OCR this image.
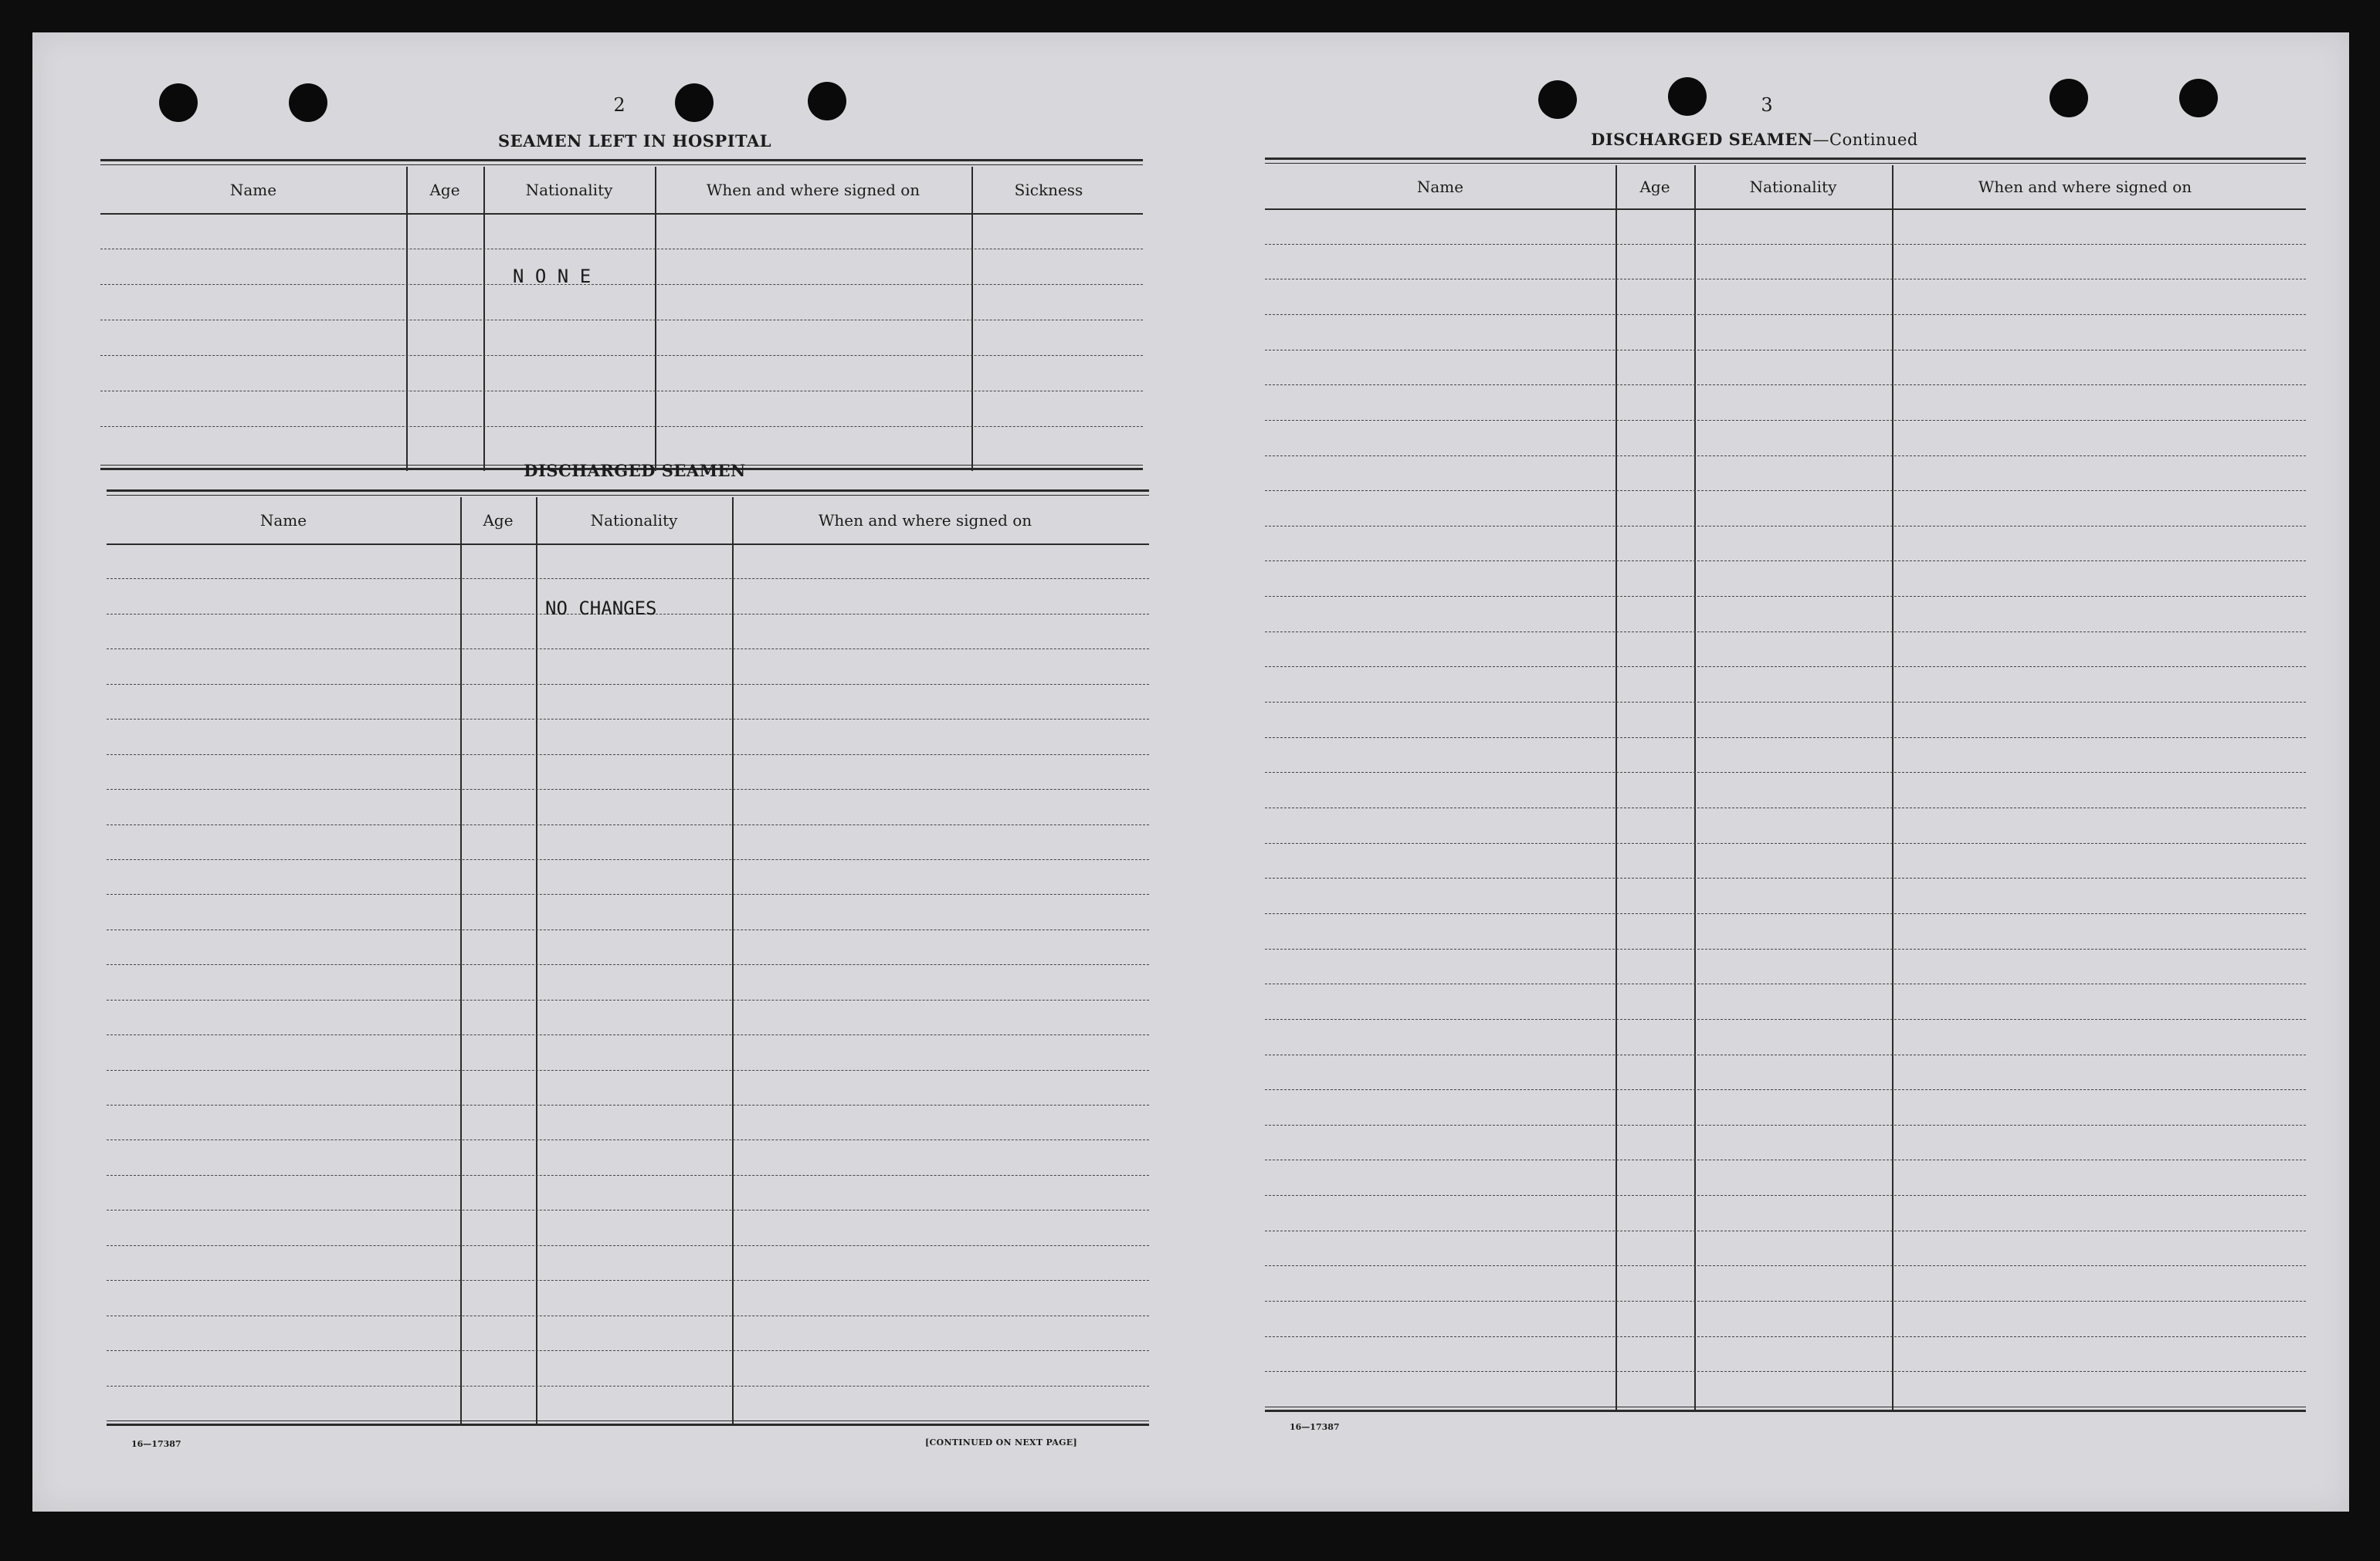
2
SEAMEN LEFT IN HOSPITAL
Name	Age	Nationality	When and where signed on	Sickness
N O N E
DISCHARGED SEAMEN
Name	Age	Nationality	When and where signed on
NO CHANGES
16—17387	[CONTINUED ON NEXT PAGE]
3
DISCHARGED SEAMEN—Continued
Name	Age	Nationality	When and where signed on
16—17387
